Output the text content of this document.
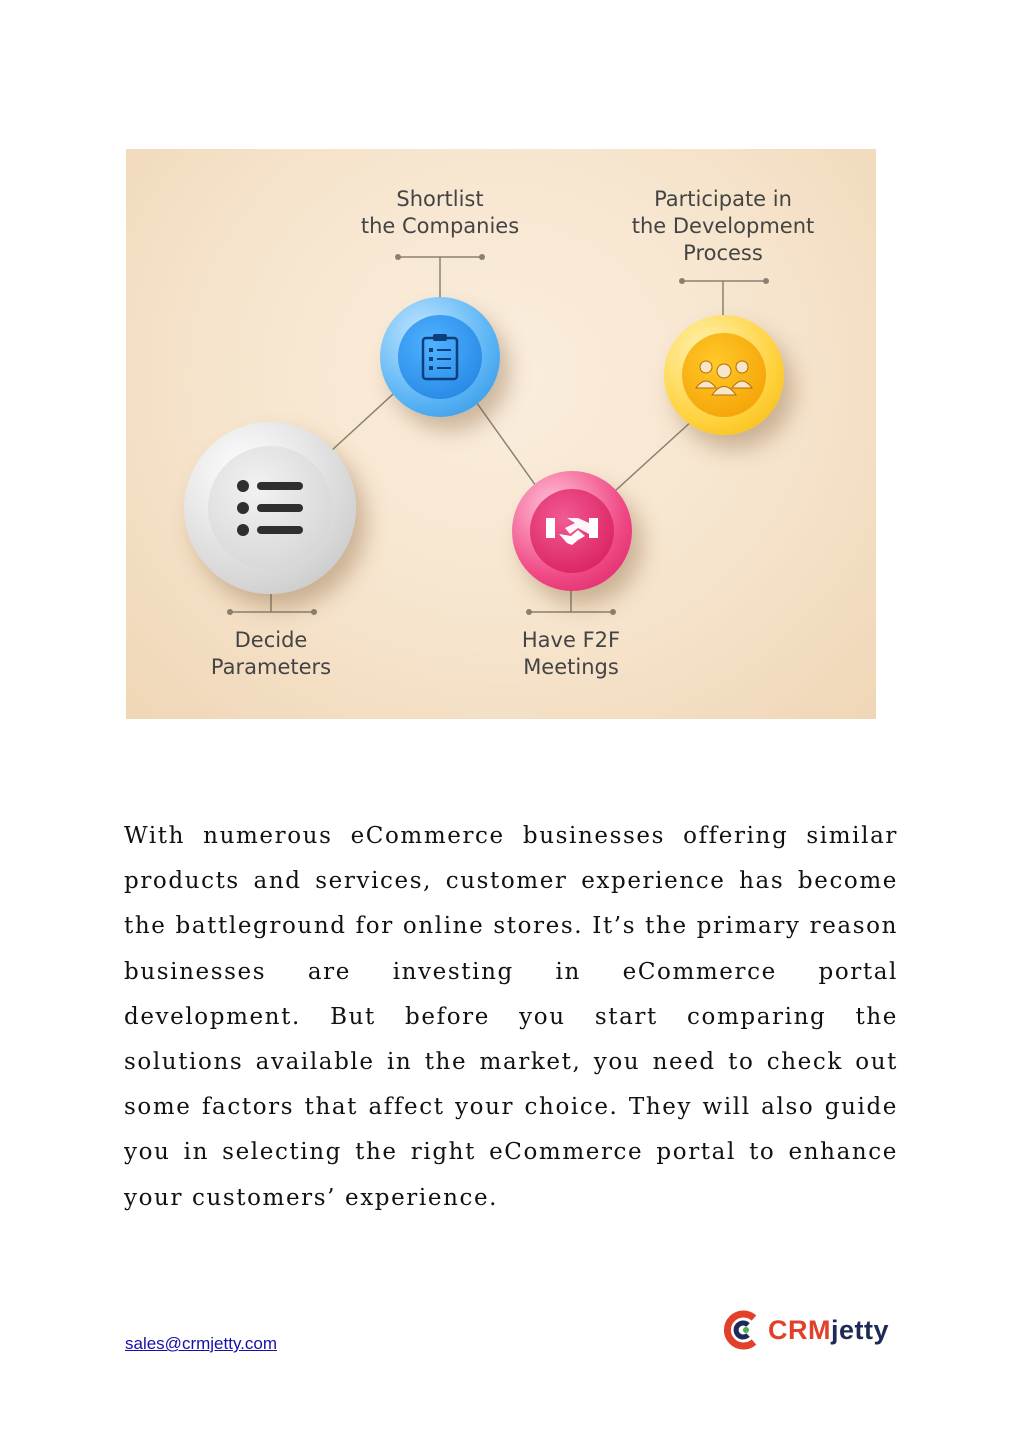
Shortlist
the Companies
Participate in
the Development
Process
Decide
Parameters
Have F2F
Meetings
With numerous eCommerce businesses offering similar products and services, customer experience has become the battleground for online stores. It’s the primary reason businesses are investing in eCommerce portal development. But before you start comparing the solutions available in the market, you need to check out some factors that affect your choice. They will also guide you in selecting the right eCommerce portal to enhance your customers’ experience.
sales@crmjetty.com	CRMjetty
